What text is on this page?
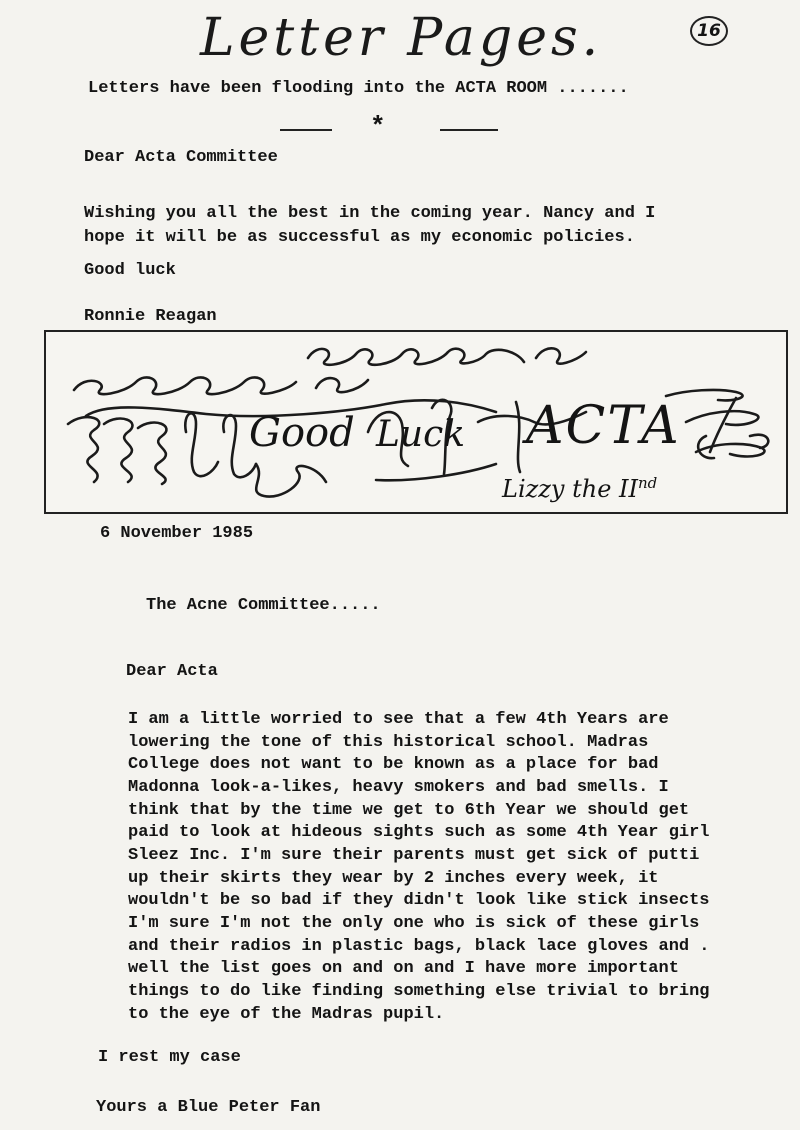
Letter Pages.	16
Letters have been flooding into the ACTA ROOM .......
*
Dear Acta Committee
Wishing you all the best in the coming year. Nancy and I
hope it will be as successful as my economic policies.
Good luck
Ronnie Reagan
Good Luck ACTA
Lizzy the IInd
6 November 1985
The Acne Committee.....
Dear Acta
I am a little worried to see that a few 4th Years are
lowering the tone of this historical school. Madras
College does not want to be known as a place for bad
Madonna look-a-likes, heavy smokers and bad smells. I
think that by the time we get to 6th Year we should get
paid to look at hideous sights such as some 4th Year girl
Sleez Inc. I'm sure their parents must get sick of putti
up their skirts they wear by 2 inches every week, it
wouldn't be so bad if they didn't look like stick insects
I'm sure I'm not the only one who is sick of these girls
and their radios in plastic bags, black lace gloves and .
well the list goes on and on and I have more important
things to do like finding something else trivial to bring
to the eye of the Madras pupil.
I rest my case
Yours a Blue Peter Fan
